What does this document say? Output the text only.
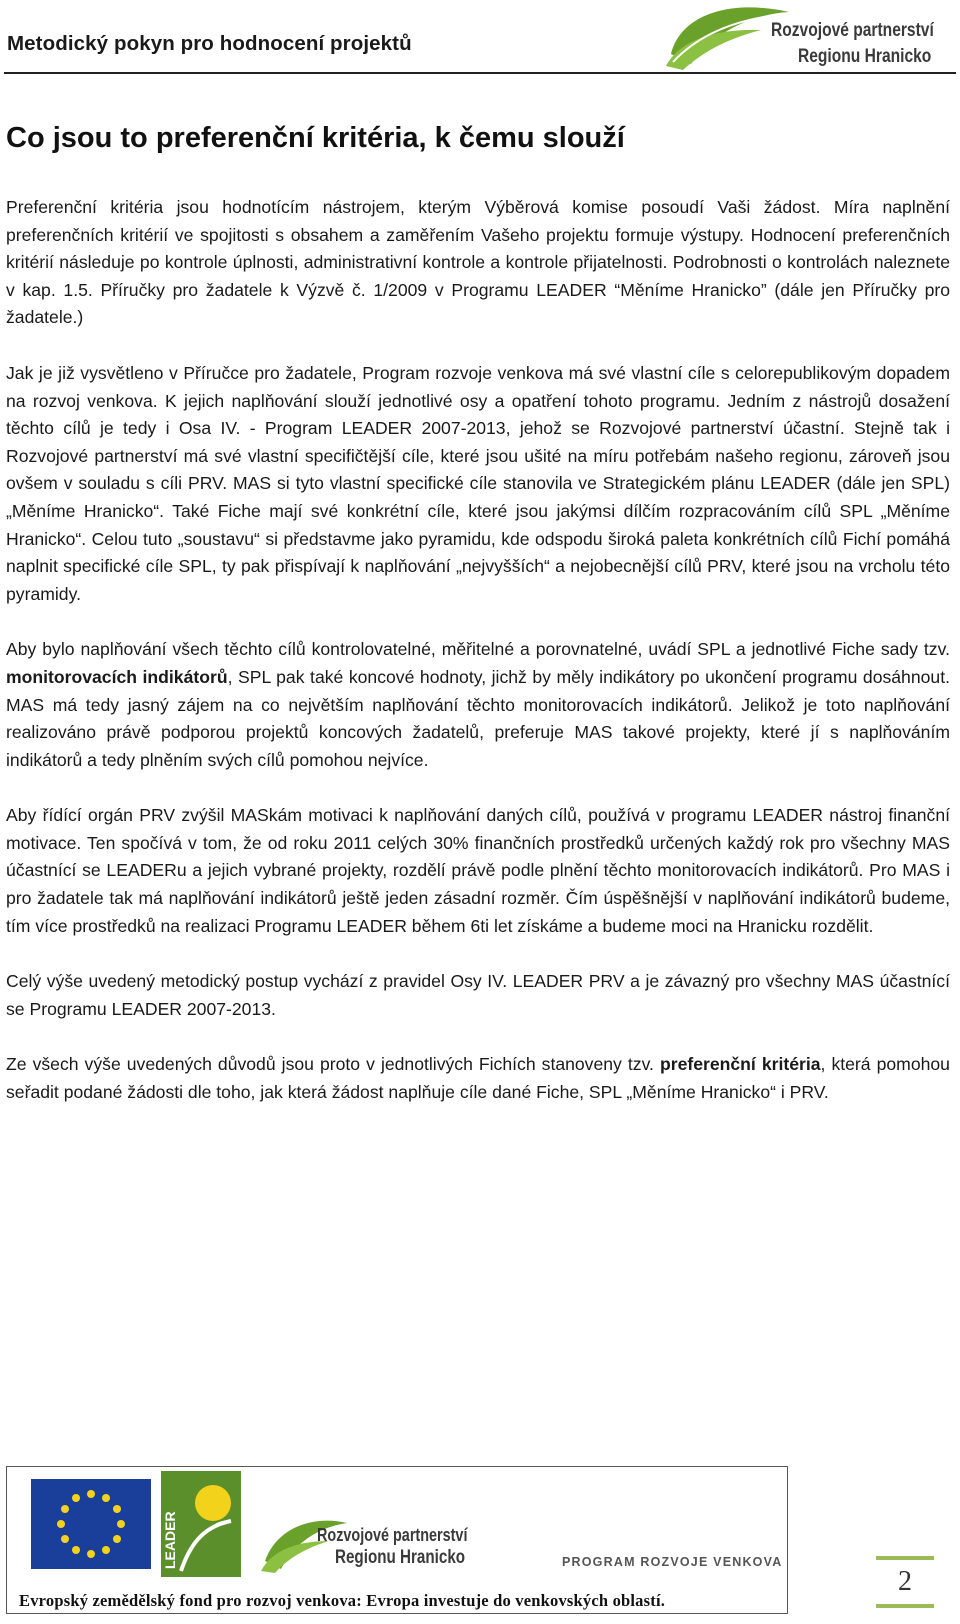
Metodický pokyn pro hodnocení projektů
Rozvojové partnerství
Regionu Hranicko
Co jsou to preferenční kritéria, k čemu slouží

Preferenční kritéria jsou hodnotícím nástrojem, kterým Výběrová komise posoudí Vaši žádost. Míra naplnění preferenčních kritérií ve spojitosti s obsahem a zaměřením Vašeho projektu formuje výstupy. Hodnocení preferenčních kritérií následuje po kontrole úplnosti, administrativní kontrole a kontrole přijatelnosti. Podrobnosti o kontrolách naleznete v kap. 1.5. Příručky pro žadatele k Výzvě č. 1/2009 v Programu LEADER “Měníme Hranicko” (dále jen Příručky pro žadatele.)

Jak je již vysvětleno v Příručce pro žadatele, Program rozvoje venkova má své vlastní cíle s celorepublikovým dopadem na rozvoj venkova. K jejich naplňování slouží jednotlivé osy a opatření tohoto programu. Jedním z nástrojů dosažení těchto cílů je tedy i Osa IV. - Program LEADER 2007-2013, jehož se Rozvojové partnerství účastní. Stejně tak i Rozvojové partnerství má své vlastní specifičtější cíle, které jsou ušité na míru potřebám našeho regionu, zároveň jsou ovšem v souladu s cíli PRV. MAS si tyto vlastní specifické cíle stanovila ve Strategickém plánu LEADER (dále jen SPL) „Měníme Hranicko“. Také Fiche mají své konkrétní cíle, které jsou jakýmsi dílčím rozpracováním cílů SPL „Měníme Hranicko“. Celou tuto „soustavu“ si představme jako pyramidu, kde odspodu široká paleta konkrétních cílů Fichí pomáhá naplnit specifické cíle SPL, ty pak přispívají k naplňování „nejvyšších“ a nejobecnější cílů PRV, které jsou na vrcholu této pyramidy.

Aby bylo naplňování všech těchto cílů kontrolovatelné, měřitelné a porovnatelné, uvádí SPL a jednotlivé Fiche sady tzv. monitorovacích indikátorů, SPL pak také koncové hodnoty, jichž by měly indikátory po ukončení programu dosáhnout. MAS má tedy jasný zájem na co největším naplňování těchto monitorovacích indikátorů. Jelikož je toto naplňování realizováno právě podporou projektů koncových žadatelů, preferuje MAS takové projekty, které jí s naplňováním indikátorů a tedy plněním svých cílů pomohou nejvíce.

Aby řídící orgán PRV zvýšil MASkám motivaci k naplňování daných cílů, používá v programu LEADER nástroj finanční motivace. Ten spočívá v tom, že od roku 2011 celých 30% finančních prostředků určených každý rok pro všechny MAS účastnící se LEADERu a jejich vybrané projekty, rozdělí právě podle plnění těchto monitorovacích indikátorů. Pro MAS i pro žadatele tak má naplňování indikátorů ještě jeden zásadní rozměr. Čím úspěšnější v naplňování indikátorů budeme, tím více prostředků na realizaci Programu LEADER během 6ti let získáme a budeme moci na Hranicku rozdělit.

Celý výše uvedený metodický postup vychází z pravidel Osy IV. LEADER PRV a je závazný pro všechny MAS účastnící se Programu LEADER 2007-2013.

Ze všech výše uvedených důvodů jsou proto v jednotlivých Fichích stanoveny tzv. preferenční kritéria, která pomohou seřadit podané žádosti dle toho, jak která žádost naplňuje cíle dané Fiche, SPL „Měníme Hranicko“ i PRV.

LEADER	Rozvojové partnerství
Regionu Hranicko	PROGRAM ROZVOJE VENKOVA
Evropský zemědělský fond pro rozvoj venkova: Evropa investuje do venkovských oblastí.
2
